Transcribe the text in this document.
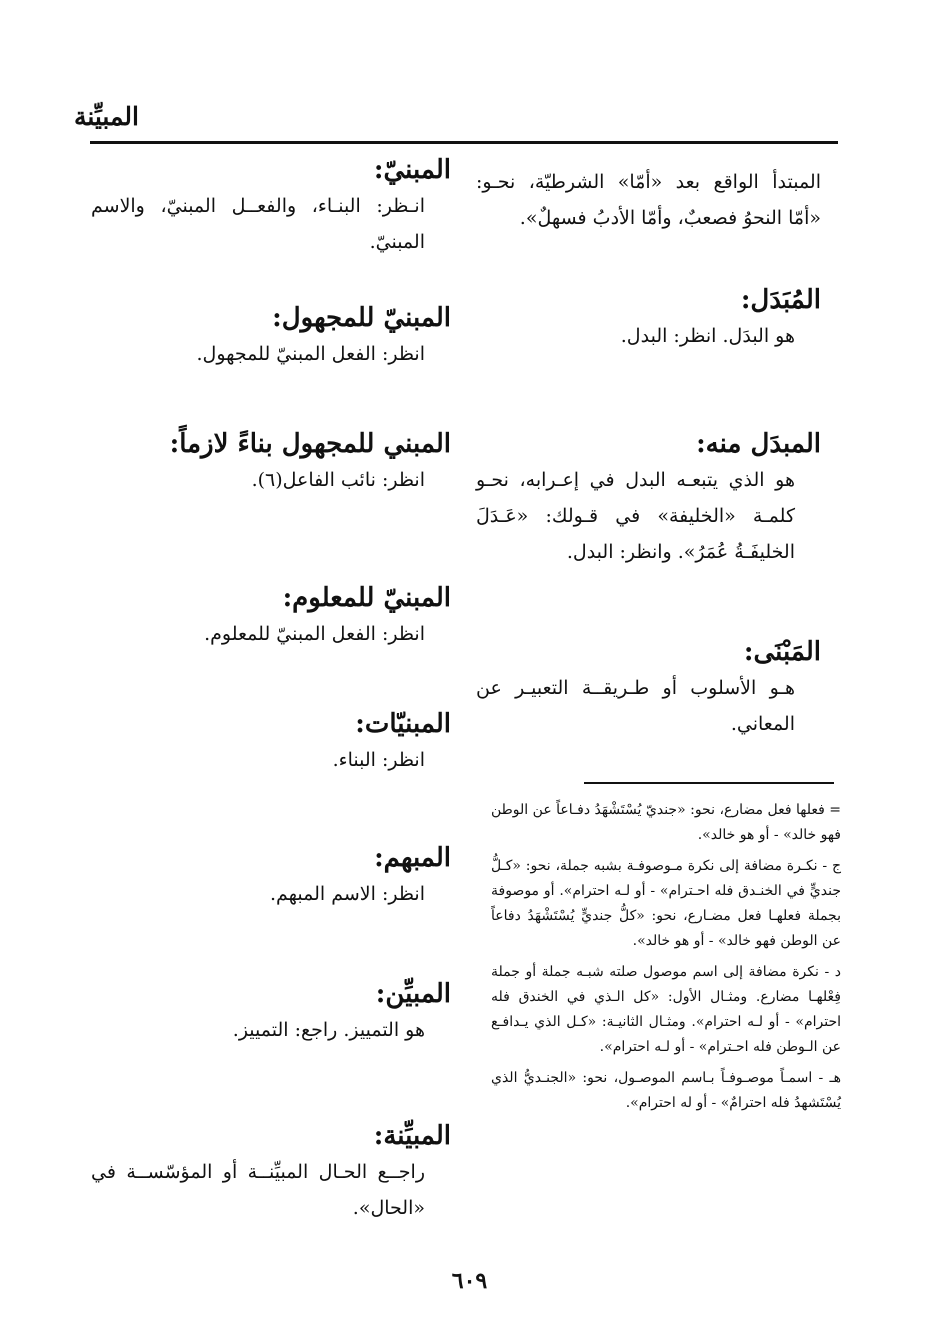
المبيِّنة
المبتدأ الواقع بعد «أمّا» الشرطيّة، نحـو: «أمّا النحوُ فصعبٌ، وأمّا الأدبُ فسهلٌ».
المُبَدَل:
هو البدَل. انظر: البدل.
المبدَل منه:
هو الذي يتبعـه البدل في إعـرابه، نحـو كلمـة «الخليفة» في قـولك: «عَـدَلَ الخليفَـةُ عُمَرُ». وانظر: البدل.
المَبْنَى:
هـو الأسلوب أو طـريقــة التعبيـر عن المعاني.

= فعلها فعل مضارع، نحو: «جنديّ يُسْتَشْهَدُ دفـاعاً عن الوطن فهو خالد» - أو هو خالد».

ج - نكـرة مضافة إلى نكرة مـوصوفـة بشبه جملة، نحو: «كـلُّ جنديٍّ في الخنـدق فله احـترام» - أو لـه احترام». أو موصوفة بجملة فعلهـا فعل مضـارع، نحو: «كلُّ جنديٍّ يُسْتَشْهَدُ دفاعاً عن الوطن فهو خالد» - أو هو خالد».

د - نكرة مضافة إلى اسم موصول صلته شبـه جملة أو جملة فِعْلهـا مضارع. ومثـال الأول: «كل الـذي في الخندق فله احترام» - أو لـه احترام». ومثـال الثانيـة: «كـل الذي يـدافـع عن الـوطن فله احـترام» - أو لـه احترام».

هـ - اسمـاً موصـوفـاً بـاسم الموصـول، نحو: «الجنـديُّ الذي يُسْتَشهدُ فله احترامٌ» - أو له احترام».

المبنيّ:
انـظر: البنـاء، والفعــل المبنيّ، والاسم المبنيّ.
المبنيّ للمجهول:
انظر: الفعل المبنيّ للمجهول.
المبني للمجهول بناءً لازماً:
انظر: نائب الفاعل(٦).
المبنيّ للمعلوم:
انظر: الفعل المبنيّ للمعلوم.
المبنيّات:
انظر: البناء.
المبهم:
انظر: الاسم المبهم.
المبيِّن:
هو التمييز. راجع: التمييز.
المبيِّنة:
راجــع الحـال المبيِّنــة أو المؤسّســة في «الحال».
٦٠٩
